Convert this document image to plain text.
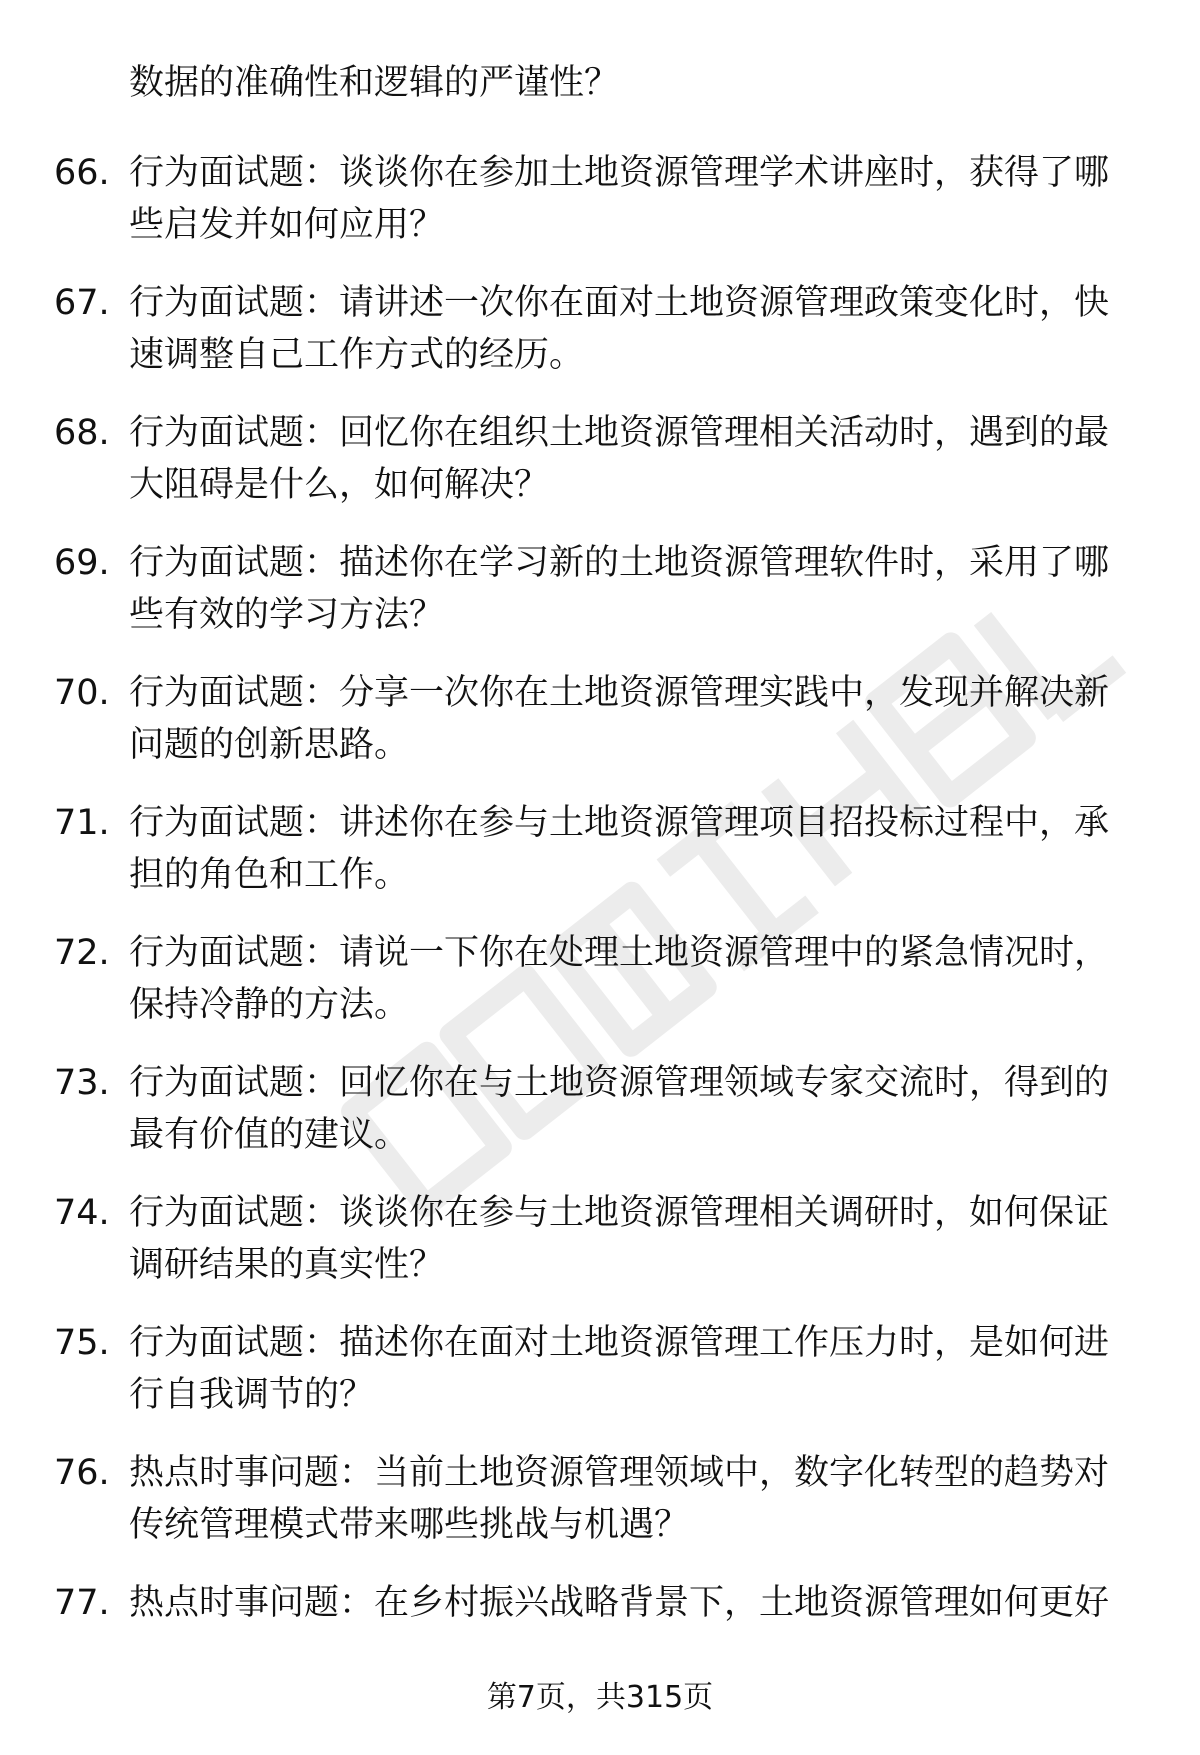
数据的准确性和逻辑的严谨性？
66. 行为面试题：谈谈你在参加土地资源管理学术讲座时，获得了哪
些启发并如何应用？
67. 行为面试题：请讲述一次你在面对土地资源管理政策变化时，快
速调整自己工作方式的经历。
68. 行为面试题：回忆你在组织土地资源管理相关活动时，遇到的最
大阻碍是什么，如何解决？
69. 行为面试题：描述你在学习新的土地资源管理软件时，采用了哪
些有效的学习方法？
70. 行为面试题：分享一次你在土地资源管理实践中，发现并解决新
问题的创新思路。
71. 行为面试题：讲述你在参与土地资源管理项目招投标过程中，承
担的角色和工作。
72. 行为面试题：请说一下你在处理土地资源管理中的紧急情况时，
保持冷静的方法。
73. 行为面试题：回忆你在与土地资源管理领域专家交流时，得到的
最有价值的建议。
74. 行为面试题：谈谈你在参与土地资源管理相关调研时，如何保证
调研结果的真实性？
75. 行为面试题：描述你在面对土地资源管理工作压力时，是如何进
行自我调节的？
76. 热点时事问题：当前土地资源管理领域中，数字化转型的趋势对
传统管理模式带来哪些挑战与机遇？
77. 热点时事问题：在乡村振兴战略背景下，土地资源管理如何更好
第7页，共315页
